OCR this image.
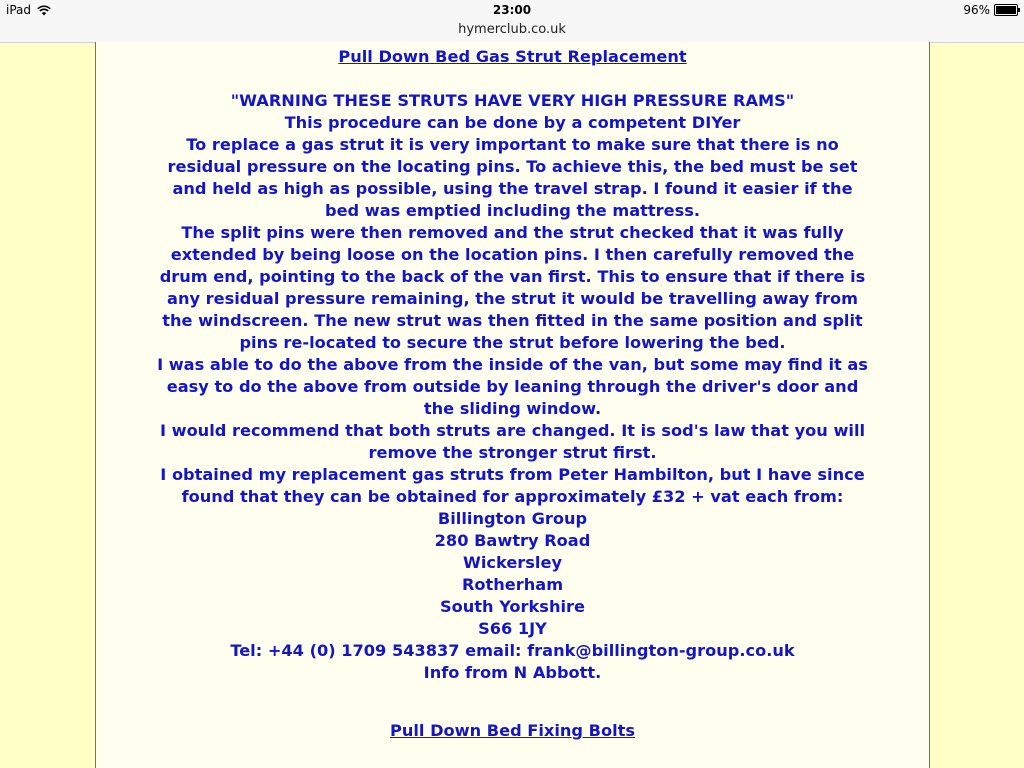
iPad	23:00	96%
hymerclub.co.uk
Pull Down Bed Gas Strut Replacement
"WARNING THESE STRUTS HAVE VERY HIGH PRESSURE RAMS"
This procedure can be done by a competent DIYer
To replace a gas strut it is very important to make sure that there is no
residual pressure on the locating pins. To achieve this, the bed must be set
and held as high as possible, using the travel strap. I found it easier if the
bed was emptied including the mattress.
The split pins were then removed and the strut checked that it was fully
extended by being loose on the location pins. I then carefully removed the
drum end, pointing to the back of the van first. This to ensure that if there is
any residual pressure remaining, the strut it would be travelling away from
the windscreen. The new strut was then fitted in the same position and split
pins re-located to secure the strut before lowering the bed.
I was able to do the above from the inside of the van, but some may find it as
easy to do the above from outside by leaning through the driver's door and
the sliding window.
I would recommend that both struts are changed. It is sod's law that you will
remove the stronger strut first.
I obtained my replacement gas struts from Peter Hambilton, but I have since
found that they can be obtained for approximately £32 + vat each from:
Billington Group
280 Bawtry Road
Wickersley
Rotherham
South Yorkshire
S66 1JY
Tel: +44 (0) 1709 543837 email: frank@billington-group.co.uk
Info from N Abbott.
Pull Down Bed Fixing Bolts
